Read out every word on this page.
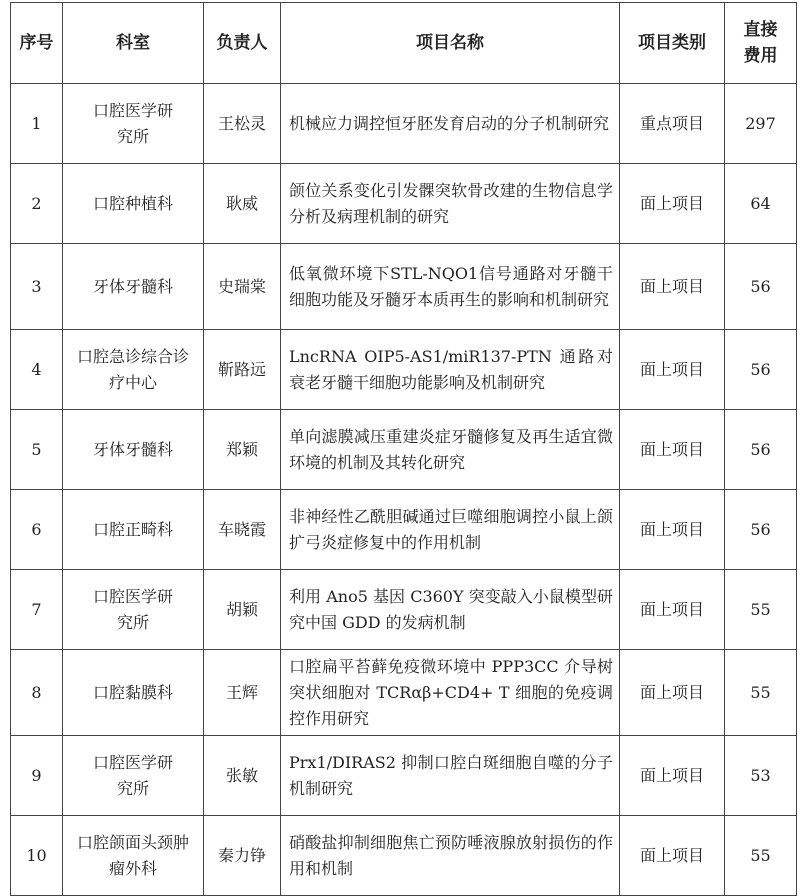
序号	科室	负责人	项目名称	项目类别	直接费用
1	口腔医学研究所	王松灵	机械应力调控恒牙胚发育启动的分子机制研究	重点项目	297
2	口腔种植科	耿威	颌位关系变化引发髁突软骨改建的生物信息学分析及病理机制的研究	面上项目	64
3	牙体牙髓科	史瑞棠	低氧微环境下STL-NQO1信号通路对牙髓干细胞功能及牙髓牙本质再生的影响和机制研究	面上项目	56
4	口腔急诊综合诊疗中心	靳路远	LncRNA OIP5-AS1/miR137-PTN 通路对衰老牙髓干细胞功能影响及机制研究	面上项目	56
5	牙体牙髓科	郑颖	单向滤膜减压重建炎症牙髓修复及再生适宜微环境的机制及其转化研究	面上项目	56
6	口腔正畸科	车晓霞	非神经性乙酰胆碱通过巨噬细胞调控小鼠上颌扩弓炎症修复中的作用机制	面上项目	56
7	口腔医学研究所	胡颖	利用 Ano5 基因 C360Y 突变敲入小鼠模型研究中国 GDD 的发病机制	面上项目	55
8	口腔黏膜科	王辉	口腔扁平苔藓免疫微环境中 PPP3CC 介导树突状细胞对 TCRαβ+CD4+ T 细胞的免疫调控作用研究	面上项目	55
9	口腔医学研究所	张敏	Prx1/DIRAS2 抑制口腔白斑细胞自噬的分子机制研究	面上项目	53
10	口腔颌面头颈肿瘤外科	秦力铮	硝酸盐抑制细胞焦亡预防唾液腺放射损伤的作用和机制	面上项目	55
